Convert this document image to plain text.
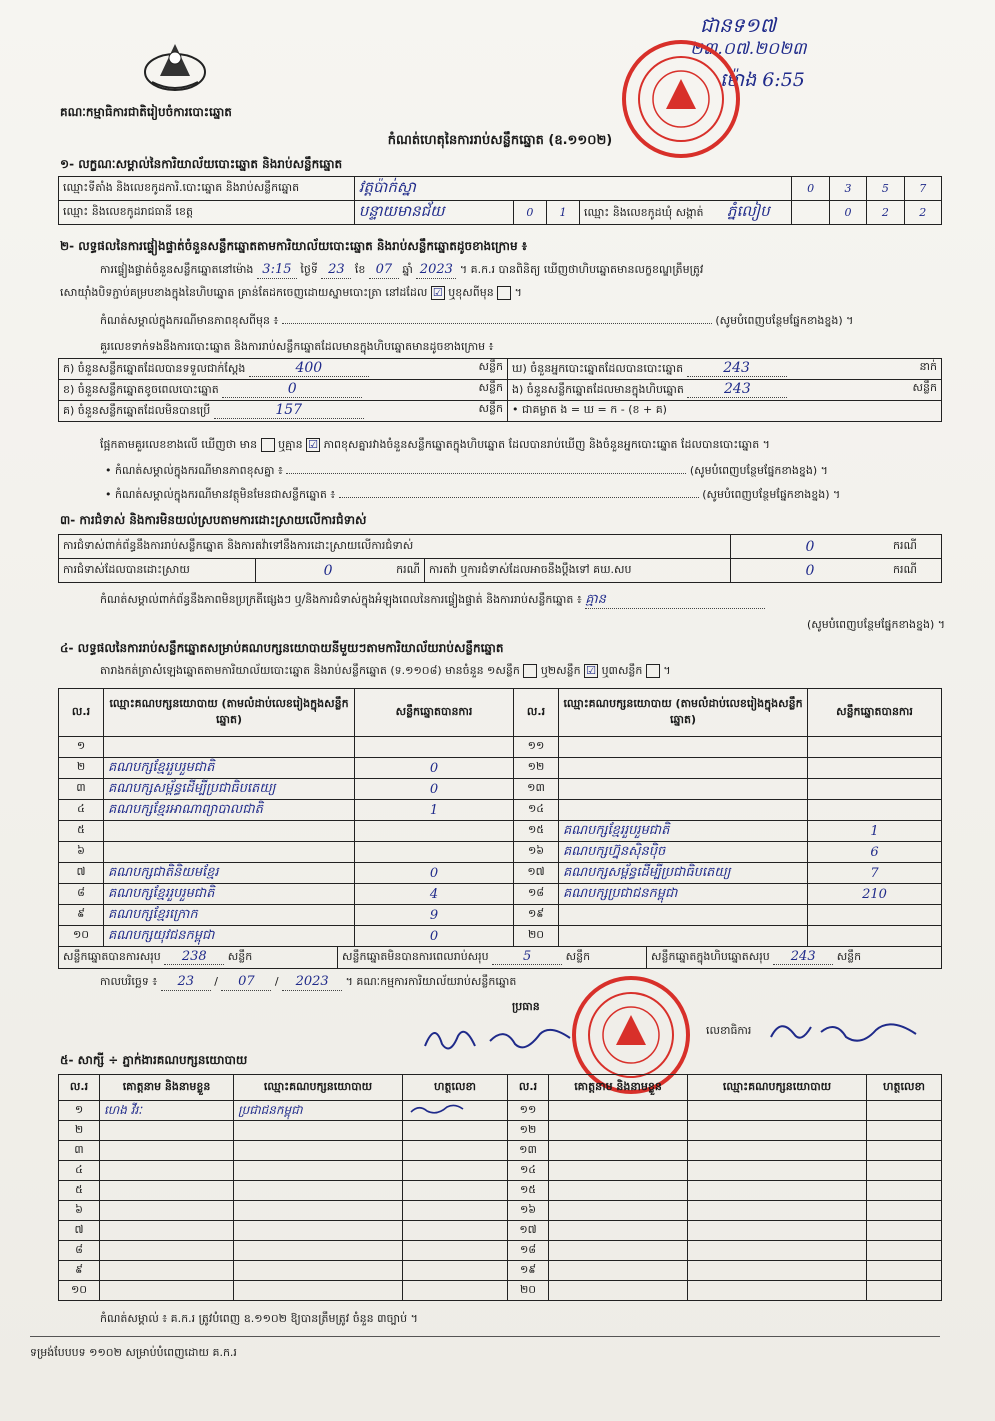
គណៈកម្មាធិការជាតិរៀបចំការបោះឆ្នោត
ជានទ១៧
២៣.០៧.២០២៣
ម៉ោង 6:55
កំណត់ហេតុនៃការរាប់សន្លឹកឆ្នោត (ឧ.១១០២)
១- លក្ខណៈសម្គាល់នៃការិយាល័យបោះឆ្នោត និងរាប់សន្លឹកឆ្នោត
ឈ្មោះទីតាំង និងលេខកូដការិ.បោះឆ្នោត និងរាប់សន្លឹកឆ្នោត	វត្តប៉ាក់ស្នា				0	3	5	7
ឈ្មោះ និងលេខកូដរាជធានី ខេត្ត	បន្ទាយមានជ័យ	0	1	ឈ្មោះ និងលេខកូដឃុំ សង្កាត់ ភ្នំលៀប		0	2	2
២- លទ្ធផលនៃការផ្ទៀងផ្ទាត់ចំនួនសន្លឹកឆ្នោតតាមការិយាល័យបោះឆ្នោត និងរាប់សន្លឹកឆ្នោតដូចខាងក្រោម ៖
ការផ្ទៀងផ្ទាត់ចំនួនសន្លឹកឆ្នោតនៅម៉ោង 3:15 ថ្ងៃទី 23 ខែ 07 ឆ្នាំ 2023 ។ គ.ក.រ បានពិនិត្យ ឃើញថាហិបឆ្នោតមានលក្ខខណ្ឌត្រឹមត្រូវ
សោយ៉ាំងបិទភ្ជាប់គម្របខាងក្នុងនៃហិបឆ្នោត គ្រាន់តែដកចេញដោយស្នាមបោះត្រា នៅដដែល ☑ ឬខុសពីមុន  ។
កំណត់សម្គាល់ក្នុងករណីមានភាពខុសពីមុន ៖	(សូមបំពេញបន្ថែមផ្នែកខាងខ្នង) ។
គួរលេខទាក់ទងនឹងការបោះឆ្នោត និងការរាប់សន្លឹកឆ្នោតដែលមានក្នុងហិបឆ្នោតមានដូចខាងក្រោម ៖
ក) ចំនួនសន្លឹកឆ្នោតដែលបានទទួលជាក់ស្តែង 400 សន្លឹក	ឃ) ចំនួនអ្នកបោះឆ្នោតដែលបានបោះឆ្នោត 243 នាក់

ខ) ចំនួនសន្លឹកឆ្នោតខូចពេលបោះឆ្នោត 0 សន្លឹក	ង) ចំនួនសន្លឹកឆ្នោតដែលមានក្នុងហិបឆ្នោត 243 សន្លឹក

គ) ចំនួនសន្លឹកឆ្នោតដែលមិនបានប្រើ 157 សន្លឹក	• ជាគម្លាត ង = ឃ = ក - (ខ + គ)
ផ្អែកតាមគួរលេខខាងលើ ឃើញថា មាន ឬគ្មាន ☑ ភាពខុសគ្នារវាងចំនួនសន្លឹកឆ្នោតក្នុងហិបឆ្នោត ដែលបានរាប់ឃើញ និងចំនួនអ្នកបោះឆ្នោត ដែលបានបោះឆ្នោត ។
• កំណត់សម្គាល់ក្នុងករណីមានភាពខុសគ្នា ៖	(សូមបំពេញបន្ថែមផ្នែកខាងខ្នង) ។
• កំណត់សម្គាល់ក្នុងករណីមានវត្ថុមិនមែនជាសន្លឹកឆ្នោត ៖	(សូមបំពេញបន្ថែមផ្នែកខាងខ្នង) ។
៣- ការជំទាស់ និងការមិនយល់ស្របតាមការដោះស្រាយលើការជំទាស់
ការជំទាស់ពាក់ព័ន្ធនឹងការរាប់សន្លឹកឆ្នោត និងការតវ៉ាទៅនឹងការដោះស្រាយលើការជំទាស់			0	ករណី
ការជំទាស់ដែលបានដោះស្រាយ	0 ករណី	ការតវ៉ា ឬការជំទាស់ដែលអាចនឹងប្តឹងទៅ គឃ.សប	0	ករណី
កំណត់សម្គាល់ពាក់ព័ន្ធនឹងភាពមិនប្រក្រតីផ្សេងៗ ឬ/និងការជំទាស់ក្នុងអំឡុងពេលនៃការផ្ទៀងផ្ទាត់ និងការរាប់សន្លឹកឆ្នោត ៖ គ្មាន
(សូមបំពេញបន្ថែមផ្នែកខាងខ្នង) ។
៤- លទ្ធផលនៃការរាប់សន្លឹកឆ្នោតសម្រាប់គណបក្សនយោបាយនីមួយៗតាមការិយាល័យរាប់សន្លឹកឆ្នោត
តារាងកត់ត្រាសំឡេងឆ្នោតតាមការិយាល័យបោះឆ្នោត និងរាប់សន្លឹកឆ្នោត (ទ.១១០៨) មានចំនួន ១សន្លឹក ឬ២សន្លឹក ☑ ឬ៣សន្លឹក  ។
ល.រ	ឈ្មោះគណបក្សនយោបាយ (តាមលំដាប់លេខរៀងក្នុងសន្លឹកឆ្នោត)	សន្លឹកឆ្នោតបានការ	ល.រ	ឈ្មោះគណបក្សនយោបាយ (តាមលំដាប់លេខរៀងក្នុងសន្លឹកឆ្នោត)	សន្លឹកឆ្នោតបានការ
១			១១		
២	គណបក្សខ្មែររួបរួមជាតិ	0	១២		
៣	គណបក្សសម្ព័ន្ធដើម្បីប្រជាធិបតេយ្យ	0	១៣		
៤	គណបក្សខ្មែរអាណាព្យាបាលជាតិ	1	១៤		
៥			១៥	គណបក្សខ្មែររួបរួមជាតិ	1
៦			១៦	គណបក្សហ្វ៊ុនស៊ិនប៉ិច	6
៧	គណបក្សជាតិនិយមខ្មែរ	0	១៧	គណបក្សសម្ព័ន្ធដើម្បីប្រជាធិបតេយ្យ	7
៨	គណបក្សខ្មែររួបរួមជាតិ	4	១៨	គណបក្សប្រជាជនកម្ពុជា	210
៩	គណបក្សខ្មែរក្រោក	9	១៩		
១០	គណបក្សយុវជនកម្ពុជា	0	២០		
សន្លឹកឆ្នោតបានការសរុប 238 សន្លឹក	សន្លឹកឆ្នោតមិនបានការពេលរាប់សរុប	5	សន្លឹក	សន្លឹកឆ្នោតក្នុងហិបឆ្នោតសរុប 243 សន្លឹក
កាលបរិច្ឆេទ ៖ 23 / 07 / 2023 ។ គណៈកម្មការការិយាល័យរាប់សន្លឹកឆ្នោត
ប្រធាន
លេខាធិការ
៥- សាក្សី ÷ ភ្នាក់ងារគណបក្សនយោបាយ
ល.រ	គោត្តនាម និងនាមខ្លួន	ឈ្មោះគណបក្សនយោបាយ	ហត្ថលេខា	ល.រ	គោត្តនាម និងនាមខ្លួន	ឈ្មោះគណបក្សនយោបាយ	ហត្ថលេខា
១	ហេង វីរៈ	ប្រជាជនកម្ពុជា		១១			
២				១២			
៣				១៣			
៤				១៤			
៥				១៥			
៦				១៦			
៧				១៧			
៨				១៨			
៩				១៩			
១០				២០			
កំណត់សម្គាល់ ៖ គ.ក.រ ត្រូវបំពេញ ឧ.១១០២ ឱ្យបានត្រឹមត្រូវ ចំនួន ៣ច្បាប់ ។
ទម្រង់បែបបទ ១១០២ សម្រាប់បំពេញដោយ គ.ក.រ
